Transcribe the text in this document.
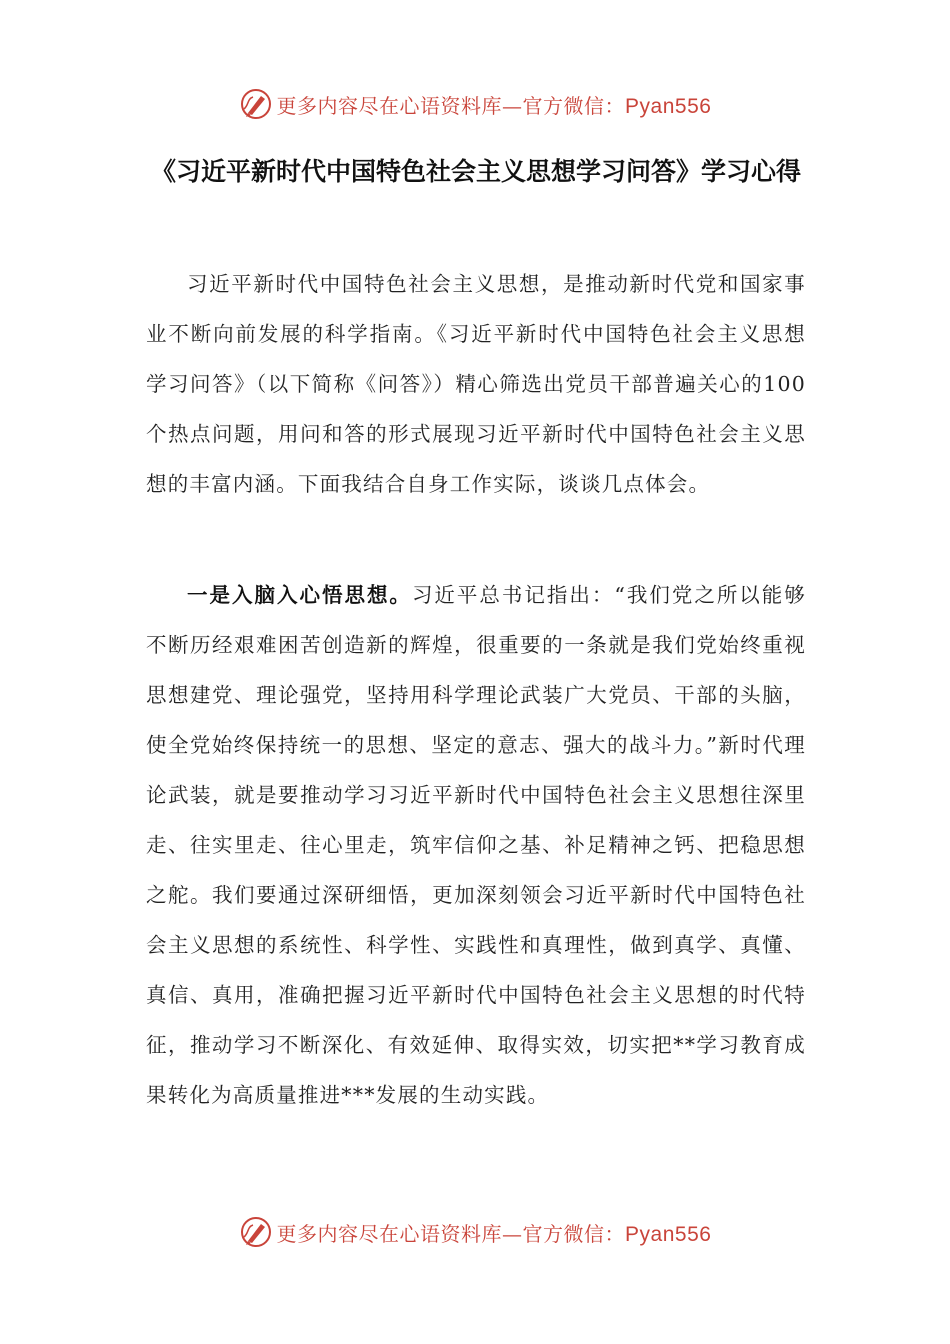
更多内容尽在心语资料库—官方微信：Pyan556
《习近平新时代中国特色社会主义思想学习问答》学习心得

习近平新时代中国特色社会主义思想，是推动新时代党和国家事业不断向前发展的科学指南。《习近平新时代中国特色社会主义思想学习问答》（以下简称《问答》）精心筛选出党员干部普遍关心的100个热点问题，用问和答的形式展现习近平新时代中国特色社会主义思想的丰富内涵。下面我结合自身工作实际，谈谈几点体会。

一是入脑入心悟思想。习近平总书记指出：“我们党之所以能够不断历经艰难困苦创造新的辉煌，很重要的一条就是我们党始终重视思想建党、理论强党，坚持用科学理论武装广大党员、干部的头脑，使全党始终保持统一的思想、坚定的意志、强大的战斗力。”新时代理论武装，就是要推动学习习近平新时代中国特色社会主义思想往深里走、往实里走、往心里走，筑牢信仰之基、补足精神之钙、把稳思想之舵。我们要通过深研细悟，更加深刻领会习近平新时代中国特色社会主义思想的系统性、科学性、实践性和真理性，做到真学、真懂、真信、真用，准确把握习近平新时代中国特色社会主义思想的时代特征，推动学习不断深化、有效延伸、取得实效，切实把**学习教育成果转化为高质量推进***发展的生动实践。

更多内容尽在心语资料库—官方微信：Pyan556
